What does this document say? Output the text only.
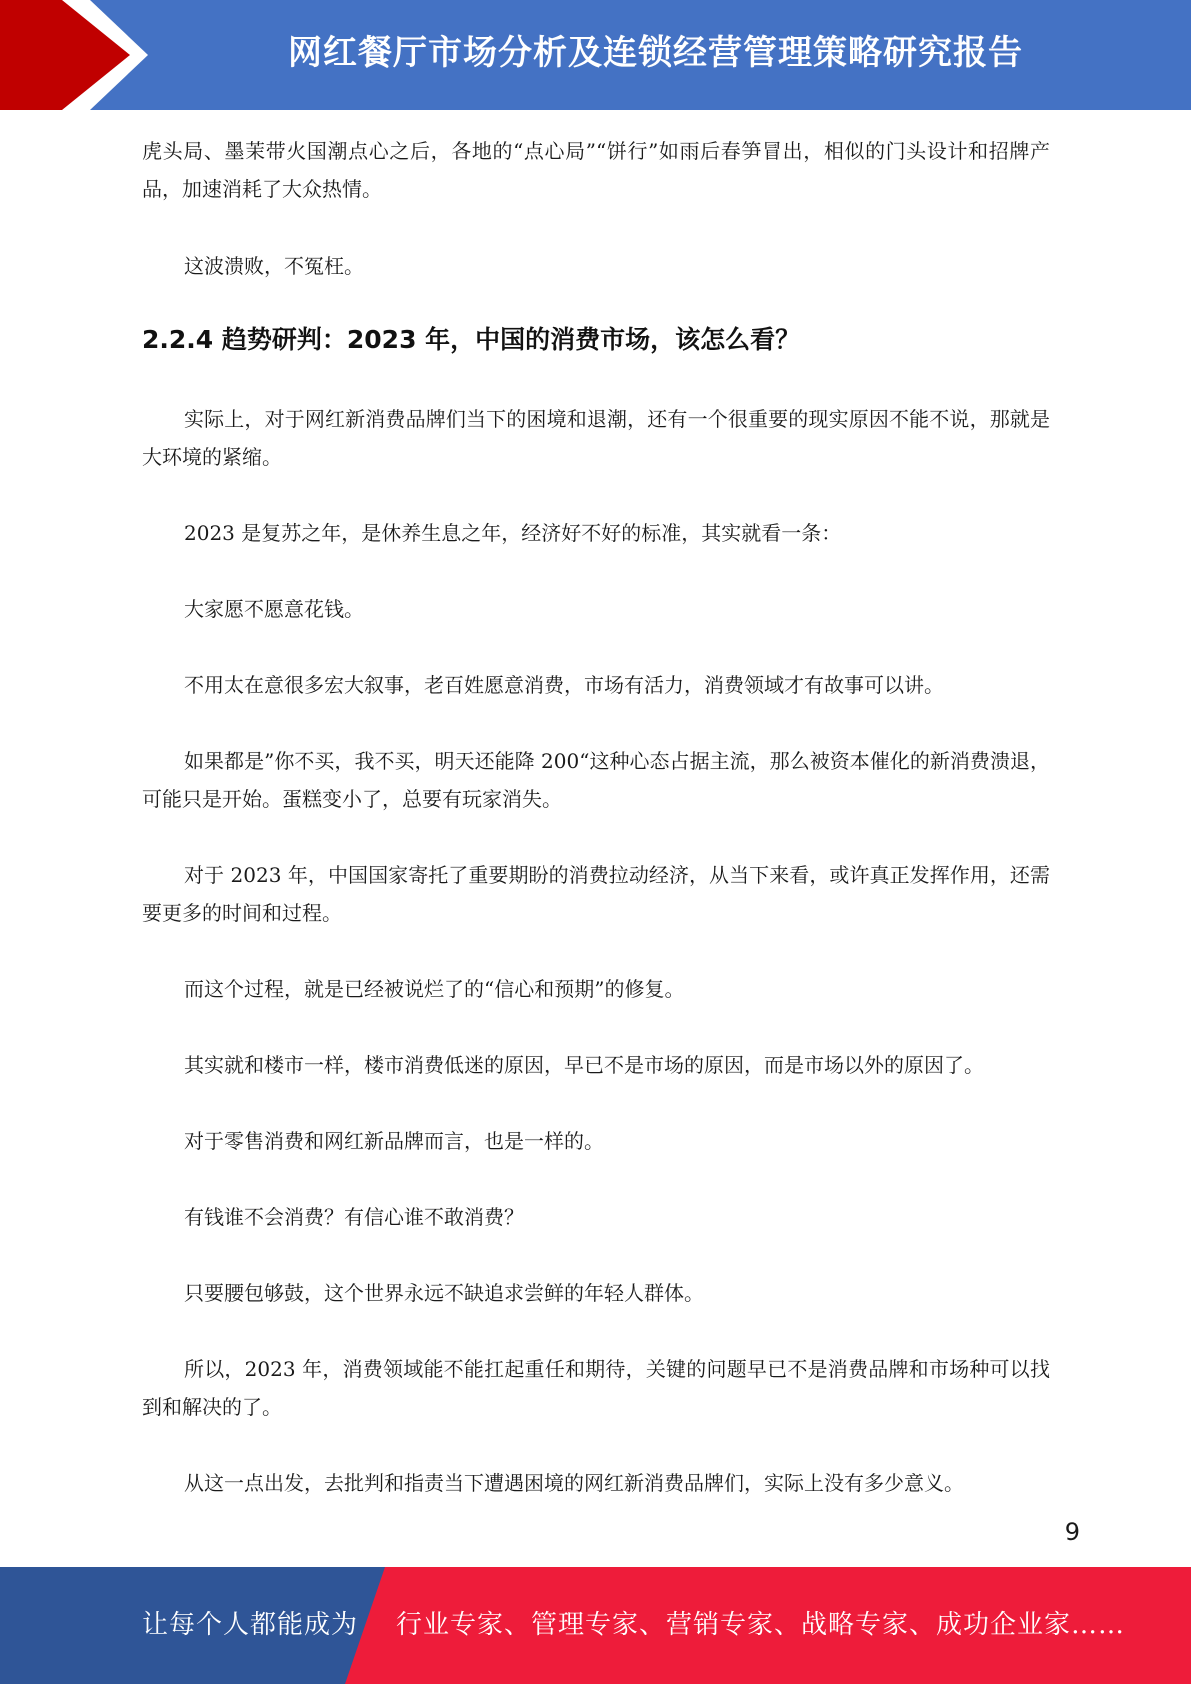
网红餐厅市场分析及连锁经营管理策略研究报告

虎头局、墨茉带火国潮点心之后，各地的“点心局”“饼行”如雨后春笋冒出，相似的门头设计和招牌产品，加速消耗了大众热情。

这波溃败，不冤枉。

2.2.4 趋势研判：2023 年，中国的消费市场，该怎么看？

实际上，对于网红新消费品牌们当下的困境和退潮，还有一个很重要的现实原因不能不说，那就是大环境的紧缩。

2023 是复苏之年，是休养生息之年，经济好不好的标准，其实就看一条：

大家愿不愿意花钱。

不用太在意很多宏大叙事，老百姓愿意消费，市场有活力，消费领域才有故事可以讲。

如果都是”你不买，我不买，明天还能降 200“这种心态占据主流，那么被资本催化的新消费溃退，可能只是开始。蛋糕变小了，总要有玩家消失。

对于 2023 年，中国国家寄托了重要期盼的消费拉动经济，从当下来看，或许真正发挥作用，还需要更多的时间和过程。

而这个过程，就是已经被说烂了的“信心和预期”的修复。

其实就和楼市一样，楼市消费低迷的原因，早已不是市场的原因，而是市场以外的原因了。

对于零售消费和网红新品牌而言，也是一样的。

有钱谁不会消费？有信心谁不敢消费？

只要腰包够鼓，这个世界永远不缺追求尝鲜的年轻人群体。

所以，2023 年，消费领域能不能扛起重任和期待，关键的问题早已不是消费品牌和市场种可以找到和解决的了。

从这一点出发，去批判和指责当下遭遇困境的网红新消费品牌们，实际上没有多少意义。

9
让每个人都能成为 行业专家、管理专家、营销专家、战略专家、成功企业家……
